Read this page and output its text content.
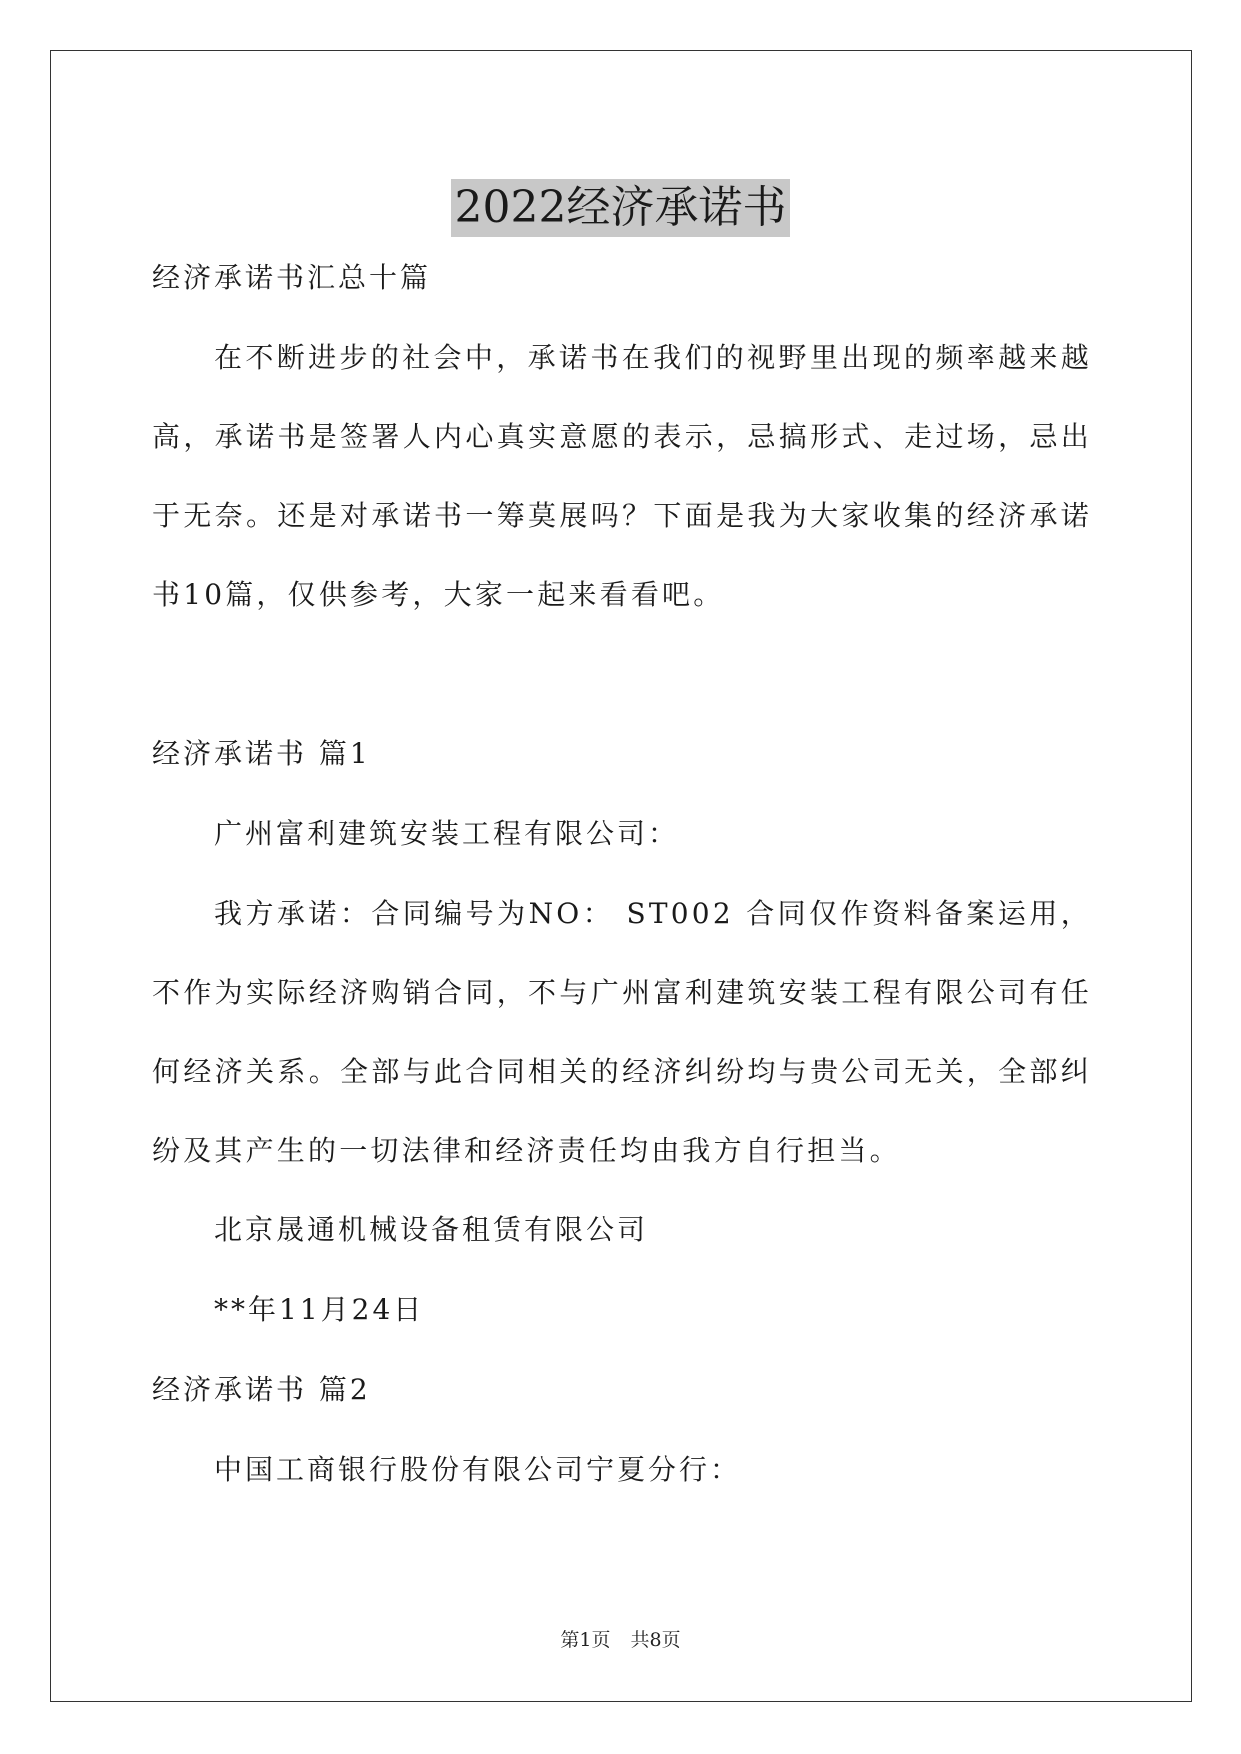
2022经济承诺书
经济承诺书汇总十篇
在不断进步的社会中，承诺书在我们的视野里出现的频率越来越高，承诺书是签署人内心真实意愿的表示，忌搞形式、走过场，忌出于无奈。还是对承诺书一筹莫展吗？下面是我为大家收集的经济承诺书10篇，仅供参考，大家一起来看看吧。
经济承诺书 篇1
广州富利建筑安装工程有限公司：
我方承诺：合同编号为NO： ST002 合同仅作资料备案运用，不作为实际经济购销合同，不与广州富利建筑安装工程有限公司有任何经济关系。全部与此合同相关的经济纠纷均与贵公司无关，全部纠纷及其产生的一切法律和经济责任均由我方自行担当。
北京晟通机械设备租赁有限公司
**年11月24日
经济承诺书 篇2
中国工商银行股份有限公司宁夏分行：
第1页 共8页
